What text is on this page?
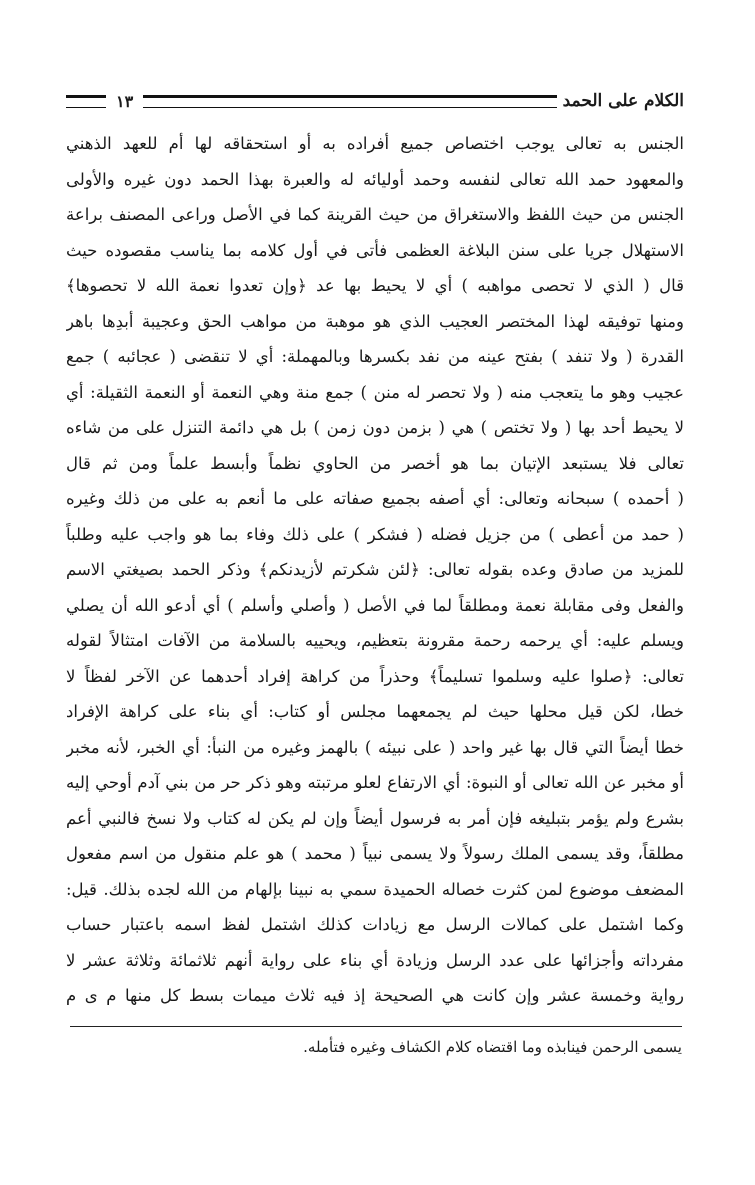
الكلام على الحمد
١٣
الجنس به تعالى يوجب اختصاص جميع أفراده به أو استحقاقه لها أم للعهد الذهني
والمعهود حمد الله تعالى لنفسه وحمد أوليائه له والعبرة بهذا الحمد دون غيره والأولى
الجنس من حيث اللفظ والاستغراق من حيث القرينة كما في الأصل وراعى المصنف براعة
الاستهلال جريا على سنن البلاغة العظمى فأتى في أول كلامه بما يناسب مقصوده حيث
قال ( الذي لا تحصى مواهبه ) أي لا يحيط بها عد ﴿وإن تعدوا نعمة الله لا تحصوها﴾
ومنها توفيقه لهذا المختصر العجيب الذي هو موهبة من مواهب الحق وعجيبة أبدِها باهر
القدرة ( ولا تنفد ) بفتح عينه من نفد بكسرها وبالمهملة: أي لا تنقضى ( عجائبه ) جمع
عجيب وهو ما يتعجب منه ( ولا تحصر له منن ) جمع منة وهي النعمة أو النعمة الثقيلة: أي
لا يحيط أحد بها ( ولا تختص ) هي ( بزمن دون زمن ) بل هي دائمة التنزل على من شاءه
تعالى فلا يستبعد الإتيان بما هو أخصر من الحاوي نظماً وأبسط علماً ومن ثم قال
( أحمده ) سبحانه وتعالى: أي أصفه بجميع صفاته على ما أنعم به على من ذلك وغيره
( حمد من أعطى ) من جزيل فضله ( فشكر ) على ذلك وفاء بما هو واجب عليه وطلباً
للمزيد من صادق وعده بقوله تعالى: ﴿لئن شكرتم لأزيدنكم﴾ وذكر الحمد بصيغتي الاسم
والفعل وفى مقابلة نعمة ومطلقاً لما في الأصل ( وأصلي وأسلم ) أي أدعو الله أن يصلي
ويسلم عليه: أي يرحمه رحمة مقرونة بتعظيم، ويحييه بالسلامة من الآفات امتثالاً لقوله
تعالى: ﴿صلوا عليه وسلموا تسليماً﴾ وحذراً من كراهة إفراد أحدهما عن الآخر لفظاً لا
خطا، لكن قيل محلها حيث لم يجمعهما مجلس أو كتاب: أي بناء على كراهة الإفراد
خطا أيضاً التي قال بها غير واحد ( على نبيئه ) بالهمز وغيره من النبأ: أي الخبر، لأنه مخبر
أو مخبر عن الله تعالى أو النبوة: أي الارتفاع لعلو مرتبته وهو ذكر حر من بني آدم أوحي إليه
بشرع ولم يؤمر بتبليغه فإن أمر به فرسول أيضاً وإن لم يكن له كتاب ولا نسخ فالنبي أعم
مطلقاً، وقد يسمى الملك رسولاً ولا يسمى نبياً ( محمد ) هو علم منقول من اسم مفعول
المضعف موضوع لمن كثرت خصاله الحميدة سمي به نبينا بإلهام من الله لجده بذلك. قيل:
وكما اشتمل على كمالات الرسل مع زيادات كذلك اشتمل لفظ اسمه باعتبار حساب
مفرداته وأجزائها على عدد الرسل وزيادة أي بناء على رواية أنهم ثلاثمائة وثلاثة عشر لا
رواية وخمسة عشر وإن كانت هي الصحيحة إذ فيه ثلاث ميمات بسط كل منها م ى م
يسمى الرحمن فينابذه وما اقتضاه كلام الكشاف وغيره فتأمله.
